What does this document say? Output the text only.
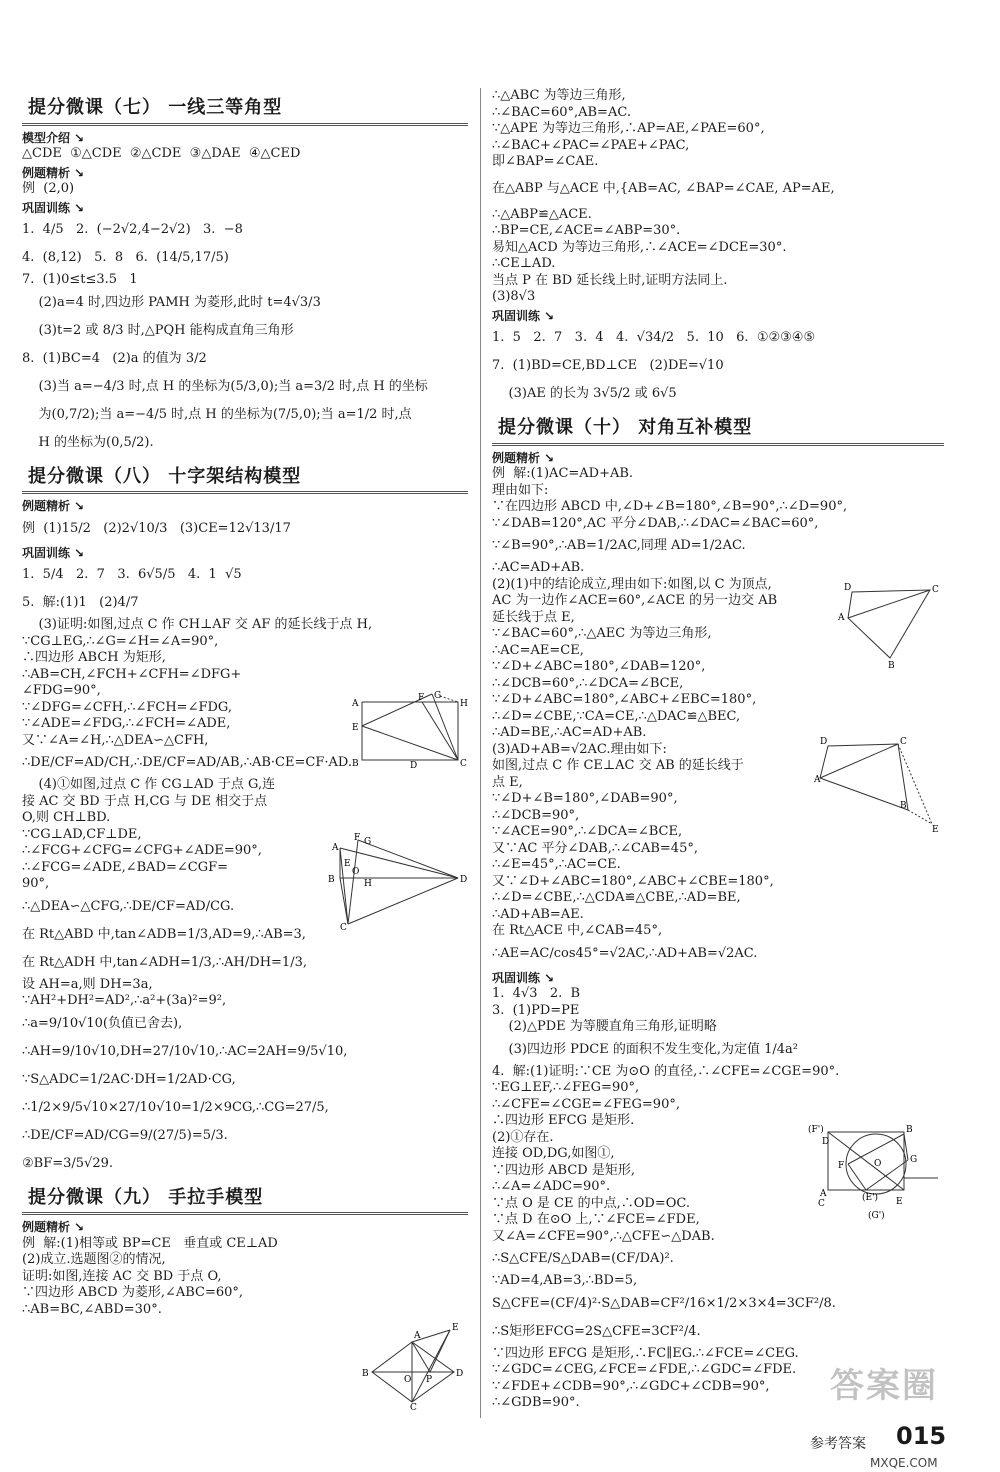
提分微课（七） 一线三等角型
模型介绍 ↘
△CDE  ①△CDE  ②△CDE  ③△DAE  ④△CED
例题精析 ↘
例  (2,0)
巩固训练 ↘
1.  4/5   2.  (−2√2,4−2√2)   3.  −8
4.  (8,12)   5.  8   6.  (14/5,17/5)
7.  (1)0≤t≤3.5   1
(2)a=4 时,四边形 PAMH 为菱形,此时 t=4√3/3
(3)t=2 或 8/3 时,△PQH 能构成直角三角形
8.  (1)BC=4   (2)a 的值为 3/2
(3)当 a=−4/3 时,点 H 的坐标为(5/3,0);当 a=3/2 时,点 H 的坐标
为(0,7/2);当 a=−4/5 时,点 H 的坐标为(7/5,0);当 a=1/2 时,点
H 的坐标为(0,5/2).
提分微课（八） 十字架结构模型
例题精析 ↘
例  (1)15/2   (2)2√10/3   (3)CE=12√13/17
巩固训练 ↘
1.  5/4   2.  7   3.  6√5/5   4.  1  √5
5.  解:(1)1   (2)4/7
(3)证明:如图,过点 C 作 CH⊥AF 交 AF 的延长线于点 H,
∵CG⊥EG,∴∠G=∠H=∠A=90°,
∴四边形 ABCH 为矩形,
∴AB=CH,∠FCH+∠CFH=∠DFG+
∠FDG=90°,
∵∠DFG=∠CFH,∴∠FCH=∠FDG,
∵∠ADE=∠FDG,∴∠FCH=∠ADE,
又∵∠A=∠H,∴△DEA∽△CFH,
∴DE/CF=AD/CH,∴DE/CF=AD/AB,∴AB·CE=CF·AD.
(4)①如图,过点 C 作 CG⊥AD 于点 G,连
接 AC 交 BD 于点 H,CG 与 DE 相交于点
O,则 CH⊥BD.
∵CG⊥AD,CF⊥DE,
∴∠FCG+∠CFG=∠CFG+∠ADE=90°,
∴∠FCG=∠ADE,∠BAD=∠CGF=
90°,
∴△DEA∽△CFG,∴DE/CF=AD/CG.
在 Rt△ABD 中,tan∠ADB=1/3,AD=9,∴AB=3,
在 Rt△ADH 中,tan∠ADH=1/3,∴AH/DH=1/3,
设 AH=a,则 DH=3a,
∵AH²+DH²=AD²,∴a²+(3a)²=9²,
∴a=9/10√10(负值已舍去),
∴AH=9/10√10,DH=27/10√10,∴AC=2AH=9/5√10,
∵S△ADC=1/2AC·DH=1/2AD·CG,
∴1/2×9/5√10×27/10√10=1/2×9CG,∴CG=27/5,
∴DE/CF=AD/CG=9/(27/5)=5/3.
②BF=3/5√29.
提分微课（九） 手拉手模型
例题精析 ↘
例  解:(1)相等或 BP=CE   垂直或 CE⊥AD
(2)成立.选题图②的情况,
证明:如图,连接 AC 交 BD 于点 O,
∵四边形 ABCD 为菱形,∠ABC=60°,
∴AB=BC,∠ABD=30°.
∴△ABC 为等边三角形,
∴∠BAC=60°,AB=AC.
∵△APE 为等边三角形,∴AP=AE,∠PAE=60°,
∴∠BAC+∠PAC=∠PAE+∠PAC,
即∠BAP=∠CAE.
在△ABP 与△ACE 中,{AB=AC, ∠BAP=∠CAE, AP=AE,
∴△ABP≌△ACE.
∴BP=CE,∠ACE=∠ABP=30°.
易知△ACD 为等边三角形,∴∠ACE=∠DCE=30°.
∴CE⊥AD.
当点 P 在 BD 延长线上时,证明方法同上.
(3)8√3
巩固训练 ↘
1.  5   2.  7   3.  4   4.  √34/2   5.  10   6.  ①②③④⑤
7.  (1)BD=CE,BD⊥CE   (2)DE=√10
(3)AE 的长为 3√5/2 或 6√5
提分微课（十） 对角互补模型
例题精析 ↘
例  解:(1)AC=AD+AB.
理由如下:
∵在四边形 ABCD 中,∠D+∠B=180°,∠B=90°,∴∠D=90°,
∵∠DAB=120°,AC 平分∠DAB,∴∠DAC=∠BAC=60°,
∵∠B=90°,∴AB=1/2AC,同理 AD=1/2AC.
∴AC=AD+AB.
(2)(1)中的结论成立,理由如下:如图,以 C 为顶点,
AC 为一边作∠ACE=60°,∠ACE 的另一边交 AB
延长线于点 E,
∵∠BAC=60°,∴△AEC 为等边三角形,
∴AC=AE=CE,
∵∠D+∠ABC=180°,∠DAB=120°,
∴∠DCB=60°,∴∠DCA=∠BCE,
∵∠D+∠ABC=180°,∠ABC+∠EBC=180°,
∴∠D=∠CBE,∵CA=CE,∴△DAC≌△BEC,
∴AD=BE,∴AC=AD+AB.
(3)AD+AB=√2AC.理由如下:
如图,过点 C 作 CE⊥AC 交 AB 的延长线于
点 E,
∵∠D+∠B=180°,∠DAB=90°,
∴∠DCB=90°,
∵∠ACE=90°,∴∠DCA=∠BCE,
又∵AC 平分∠DAB,∴∠CAB=45°,
∴∠E=45°,∴AC=CE.
又∵∠D+∠ABC=180°,∠ABC+∠CBE=180°,
∴∠D=∠CBE,∴△CDA≌△CBE,∴AD=BE,
∴AD+AB=AE.
在 Rt△ACE 中,∠CAB=45°,
∴AE=AC/cos45°=√2AC,∴AD+AB=√2AC.
巩固训练 ↘
1.  4√3   2.  B
3.  (1)PD=PE
(2)△PDE 为等腰直角三角形,证明略
(3)四边形 PDCE 的面积不发生变化,为定值 1/4a²
4.  解:(1)证明:∵CE 为⊙O 的直径,∴∠CFE=∠CGE=90°.
∵EG⊥EF,∴∠FEG=90°,
∴∠CFE=∠CGE=∠FEG=90°,
∴四边形 EFCG 是矩形.
(2)①存在.
连接 OD,DG,如图①,
∵四边形 ABCD 是矩形,
∴∠A=∠ADC=90°.
∵点 O 是 CE 的中点,∴OD=OC.
∵点 D 在⊙O 上,∵∠FCE=∠FDE,
又∠A=∠CFE=90°,∴△CFE∽△DAB.
∴S△CFE/S△DAB=(CF/DA)².
∵AD=4,AB=3,∴BD=5,
S△CFE=(CF/4)²·S△DAB=CF²/16×1/2×3×4=3CF²/8.
∴S矩形EFCG=2S△CFE=3CF²/4.
∵四边形 EFCG 是矩形,∴FC∥EG.∴∠FCE=∠CEG.
∵∠GDC=∠CEG,∠FCE=∠FDE,∴∠GDC=∠FDE.
∵∠FDE+∠CDB=90°,∴∠GDC+∠CDB=90°,
∴∠GDB=90°.
A
E
B
F G
H
C
D
A
F G
E
O
H
B
C
D
A
E
B
O P
D
C
D	C
A
B
D	C
A
B
E
(F')
D
F	O	G
A
B
C
(E') E
(G')
参考答案 015
MXQE.COM
答案圈
